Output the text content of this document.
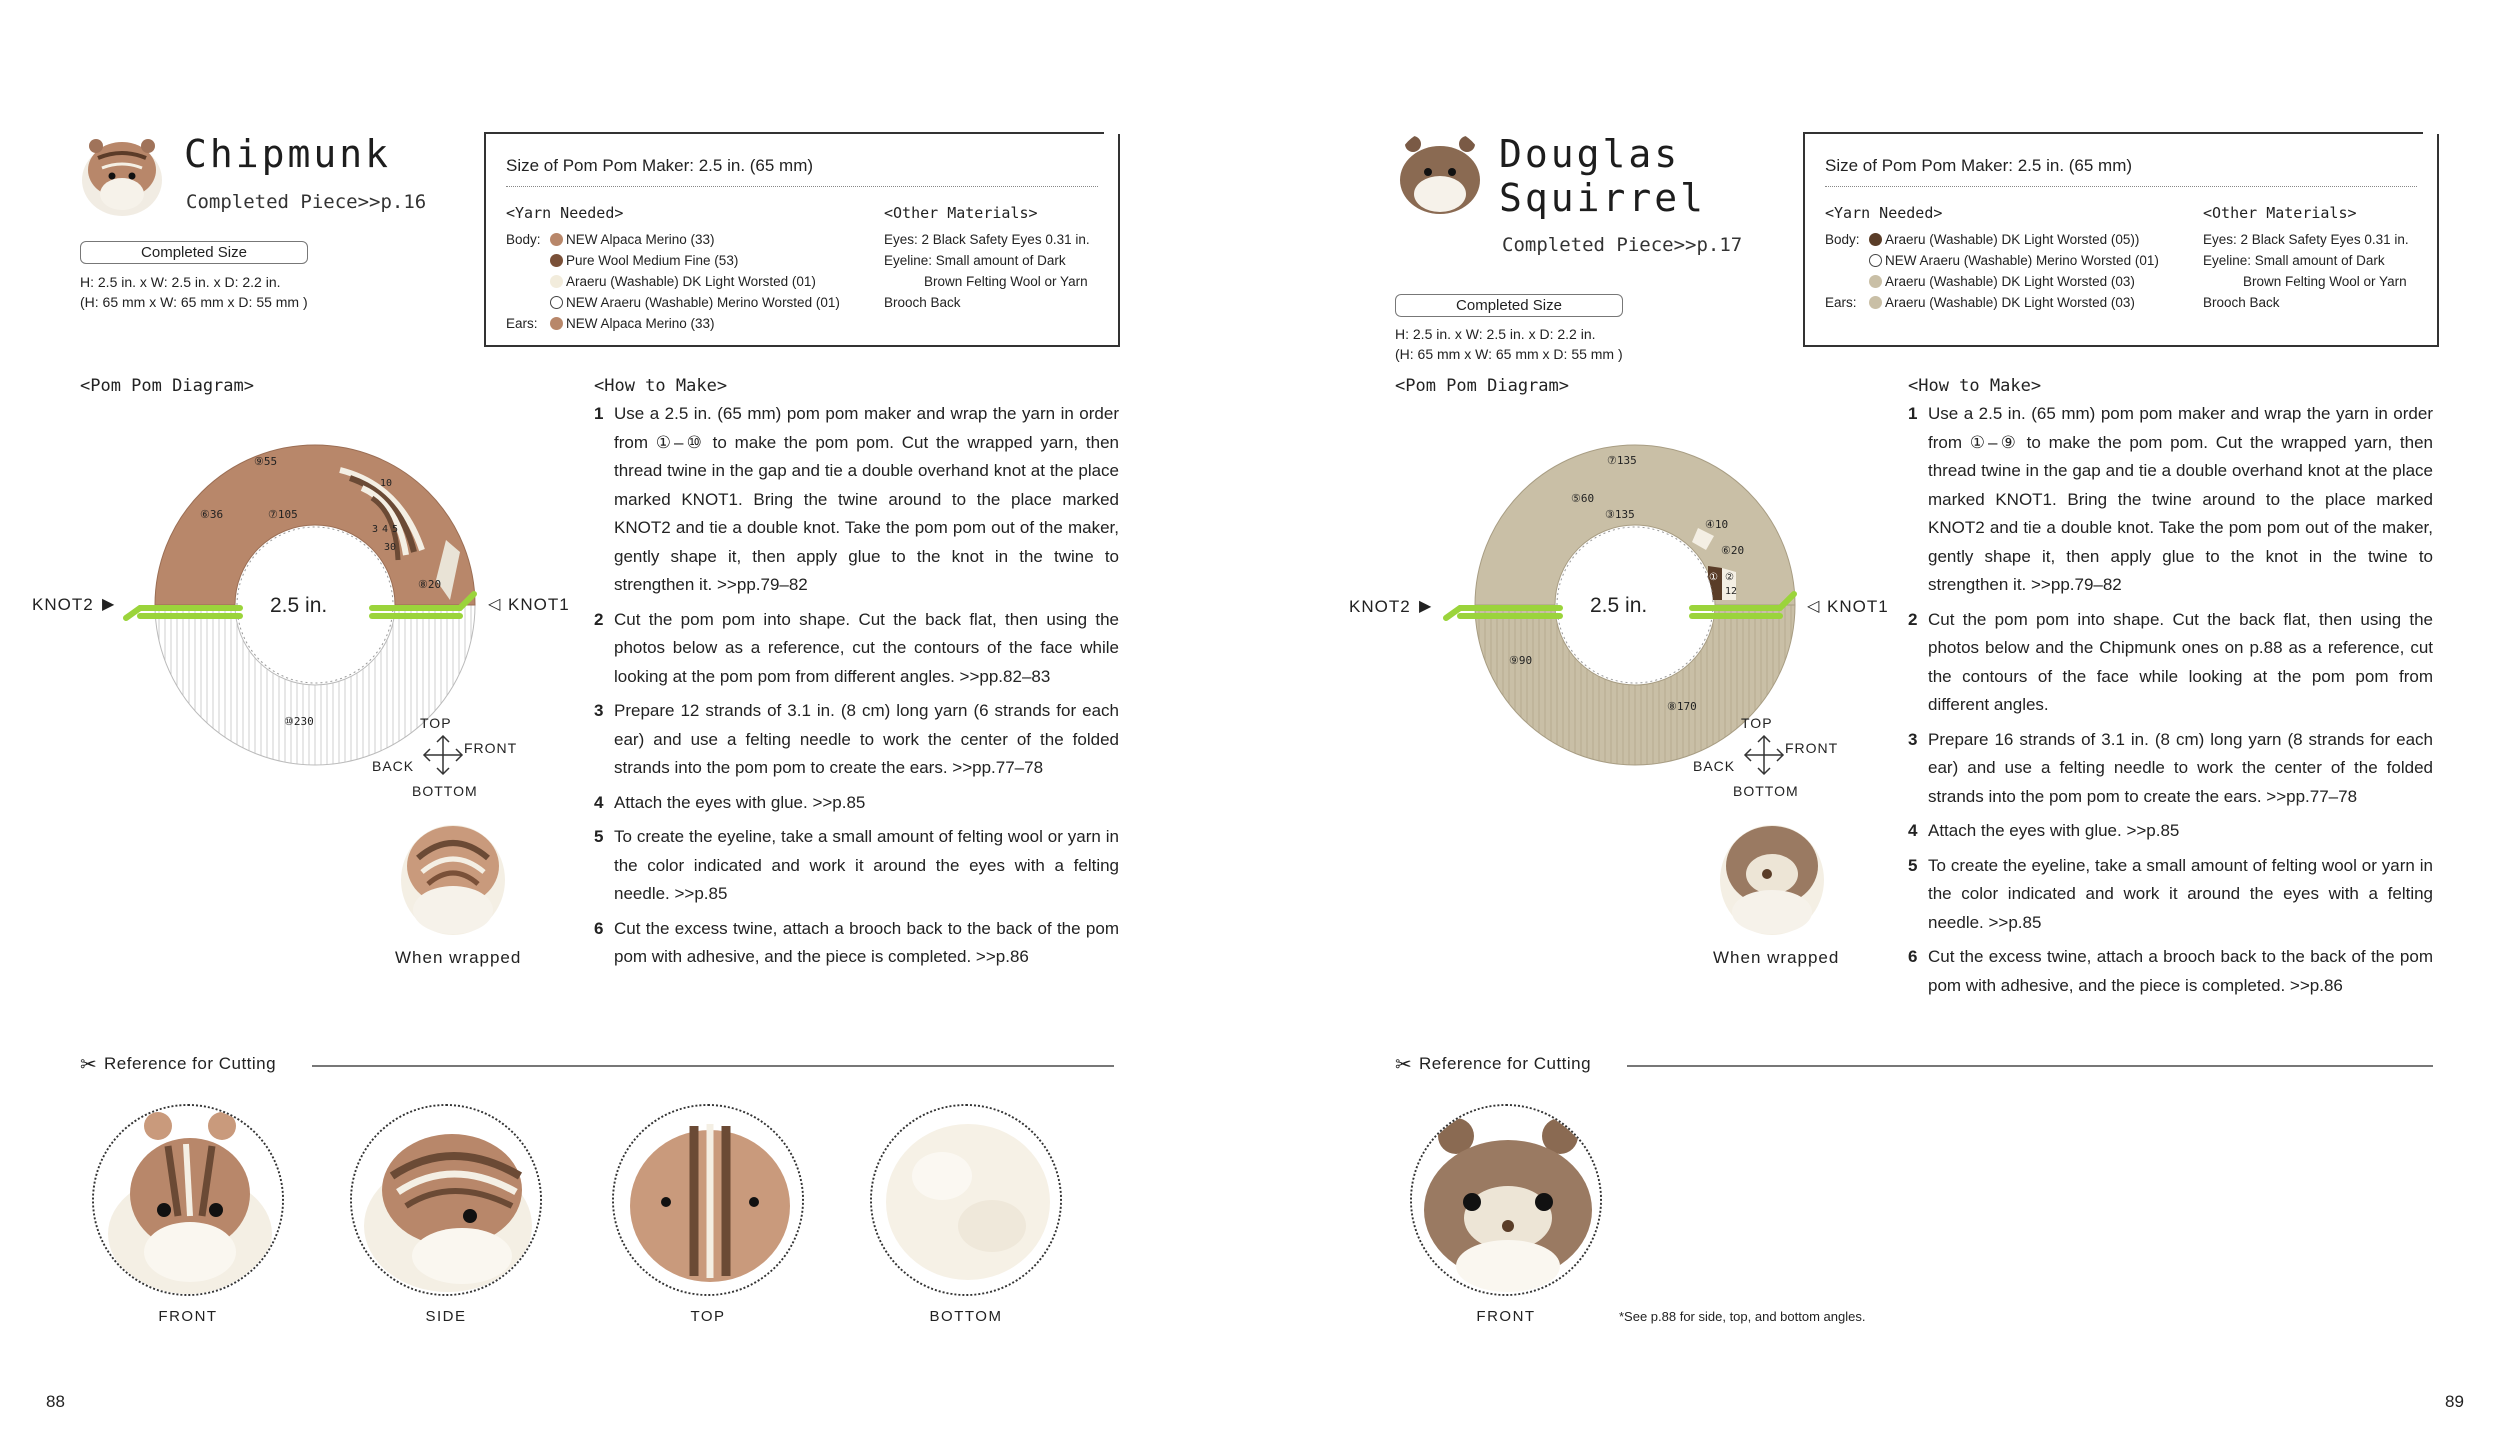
Chipmunk
Completed Piece>>p.16
Completed Size
H: 2.5 in. x W: 2.5 in. x D: 2.2 in.
(H: 65 mm x W: 65 mm x D: 55 mm )
Size of Pom Pom Maker: 2.5 in. (65 mm)
<Yarn Needed>	<Other Materials>
Body:	NEW Alpaca Merino (33)
Pure Wool Medium Fine (53)
Araeru (Washable) DK Light Worsted (01)
NEW Araeru (Washable) Merino Worsted (01)
Ears:	NEW Alpaca Merino (33)
Eyes: 2 Black Safety Eyes 0.31 in.
Eyeline: Small amount of Dark
Brown Felting Wool or Yarn
Brooch Back
<Pom Pom Diagram>
⑨55
⑥36	⑦105
⑩230
⑧20
10
3 4 5
30
2.5 in.
KNOT2 ▶	◁ KNOT1
TOP
FRONT
BACK
BOTTOM
When wrapped
<How to Make>
1 Use a 2.5 in. (65 mm) pom pom maker and wrap the yarn in order from ①–⑩ to make the pom pom. Cut the wrapped yarn, then thread twine in the gap and tie a double overhand knot at the place marked KNOT1. Bring the twine around to the place marked KNOT2 and tie a double knot. Take the pom pom out of the maker, gently shape it, then apply glue to the knot in the twine to strengthen it. >>pp.79–82
2 Cut the pom pom into shape. Cut the back flat, then using the photos below as a reference, cut the contours of the face while looking at the pom pom from different angles. >>pp.82–83
3 Prepare 12 strands of 3.1 in. (8 cm) long yarn (6 strands for each ear) and use a felting needle to work the center of the folded strands into the pom pom to create the ears. >>pp.77–78
4 Attach the eyes with glue. >>p.85
5 To create the eyeline, take a small amount of felting wool or yarn in the color indicated and work it around the eyes with a felting needle. >>p.85
6 Cut the excess twine, attach a brooch back to the back of the pom pom with adhesive, and the piece is completed. >>p.86
✂ Reference for Cutting
FRONT	SIDE	TOP	BOTTOM
88
Douglas
Squirrel
Completed Piece>>p.17
Completed Size
H: 2.5 in. x W: 2.5 in. x D: 2.2 in.
(H: 65 mm x W: 65 mm x D: 55 mm )
Size of Pom Pom Maker: 2.5 in. (65 mm)
<Yarn Needed>	<Other Materials>
Body:	Araeru (Washable) DK Light Worsted (05))
NEW Araeru (Washable) Merino Worsted (01)
Araeru (Washable) DK Light Worsted (03)
Ears:	Araeru (Washable) DK Light Worsted (03)
Eyes: 2 Black Safety Eyes 0.31 in.
Eyeline: Small amount of Dark
Brown Felting Wool or Yarn
Brooch Back
<Pom Pom Diagram>
⑦135
⑤60
③135
④10
⑥20
① ②
12
⑨90
⑧170
2.5 in.
KNOT2 ▶	◁ KNOT1
TOP
FRONT
BACK
BOTTOM
When wrapped
<How to Make>
1 Use a 2.5 in. (65 mm) pom pom maker and wrap the yarn in order from ①–⑨ to make the pom pom. Cut the wrapped yarn, then thread twine in the gap and tie a double overhand knot at the place marked KNOT1. Bring the twine around to the place marked KNOT2 and tie a double knot. Take the pom pom out of the maker, gently shape it, then apply glue to the knot in the twine to strengthen it. >>pp.79–82
2 Cut the pom pom into shape. Cut the back flat, then using the photos below and the Chipmunk ones on p.88 as a reference, cut the contours of the face while looking at the pom pom from different angles.
3 Prepare 16 strands of 3.1 in. (8 cm) long yarn (8 strands for each ear) and use a felting needle to work the center of the folded strands into the pom pom to create the ears. >>pp.77–78
4 Attach the eyes with glue. >>p.85
5 To create the eyeline, take a small amount of felting wool or yarn in the color indicated and work it around the eyes with a felting needle. >>p.85
6 Cut the excess twine, attach a brooch back to the back of the pom pom with adhesive, and the piece is completed. >>p.86
✂ Reference for Cutting
FRONT	*See p.88 for side, top, and bottom angles.
89
